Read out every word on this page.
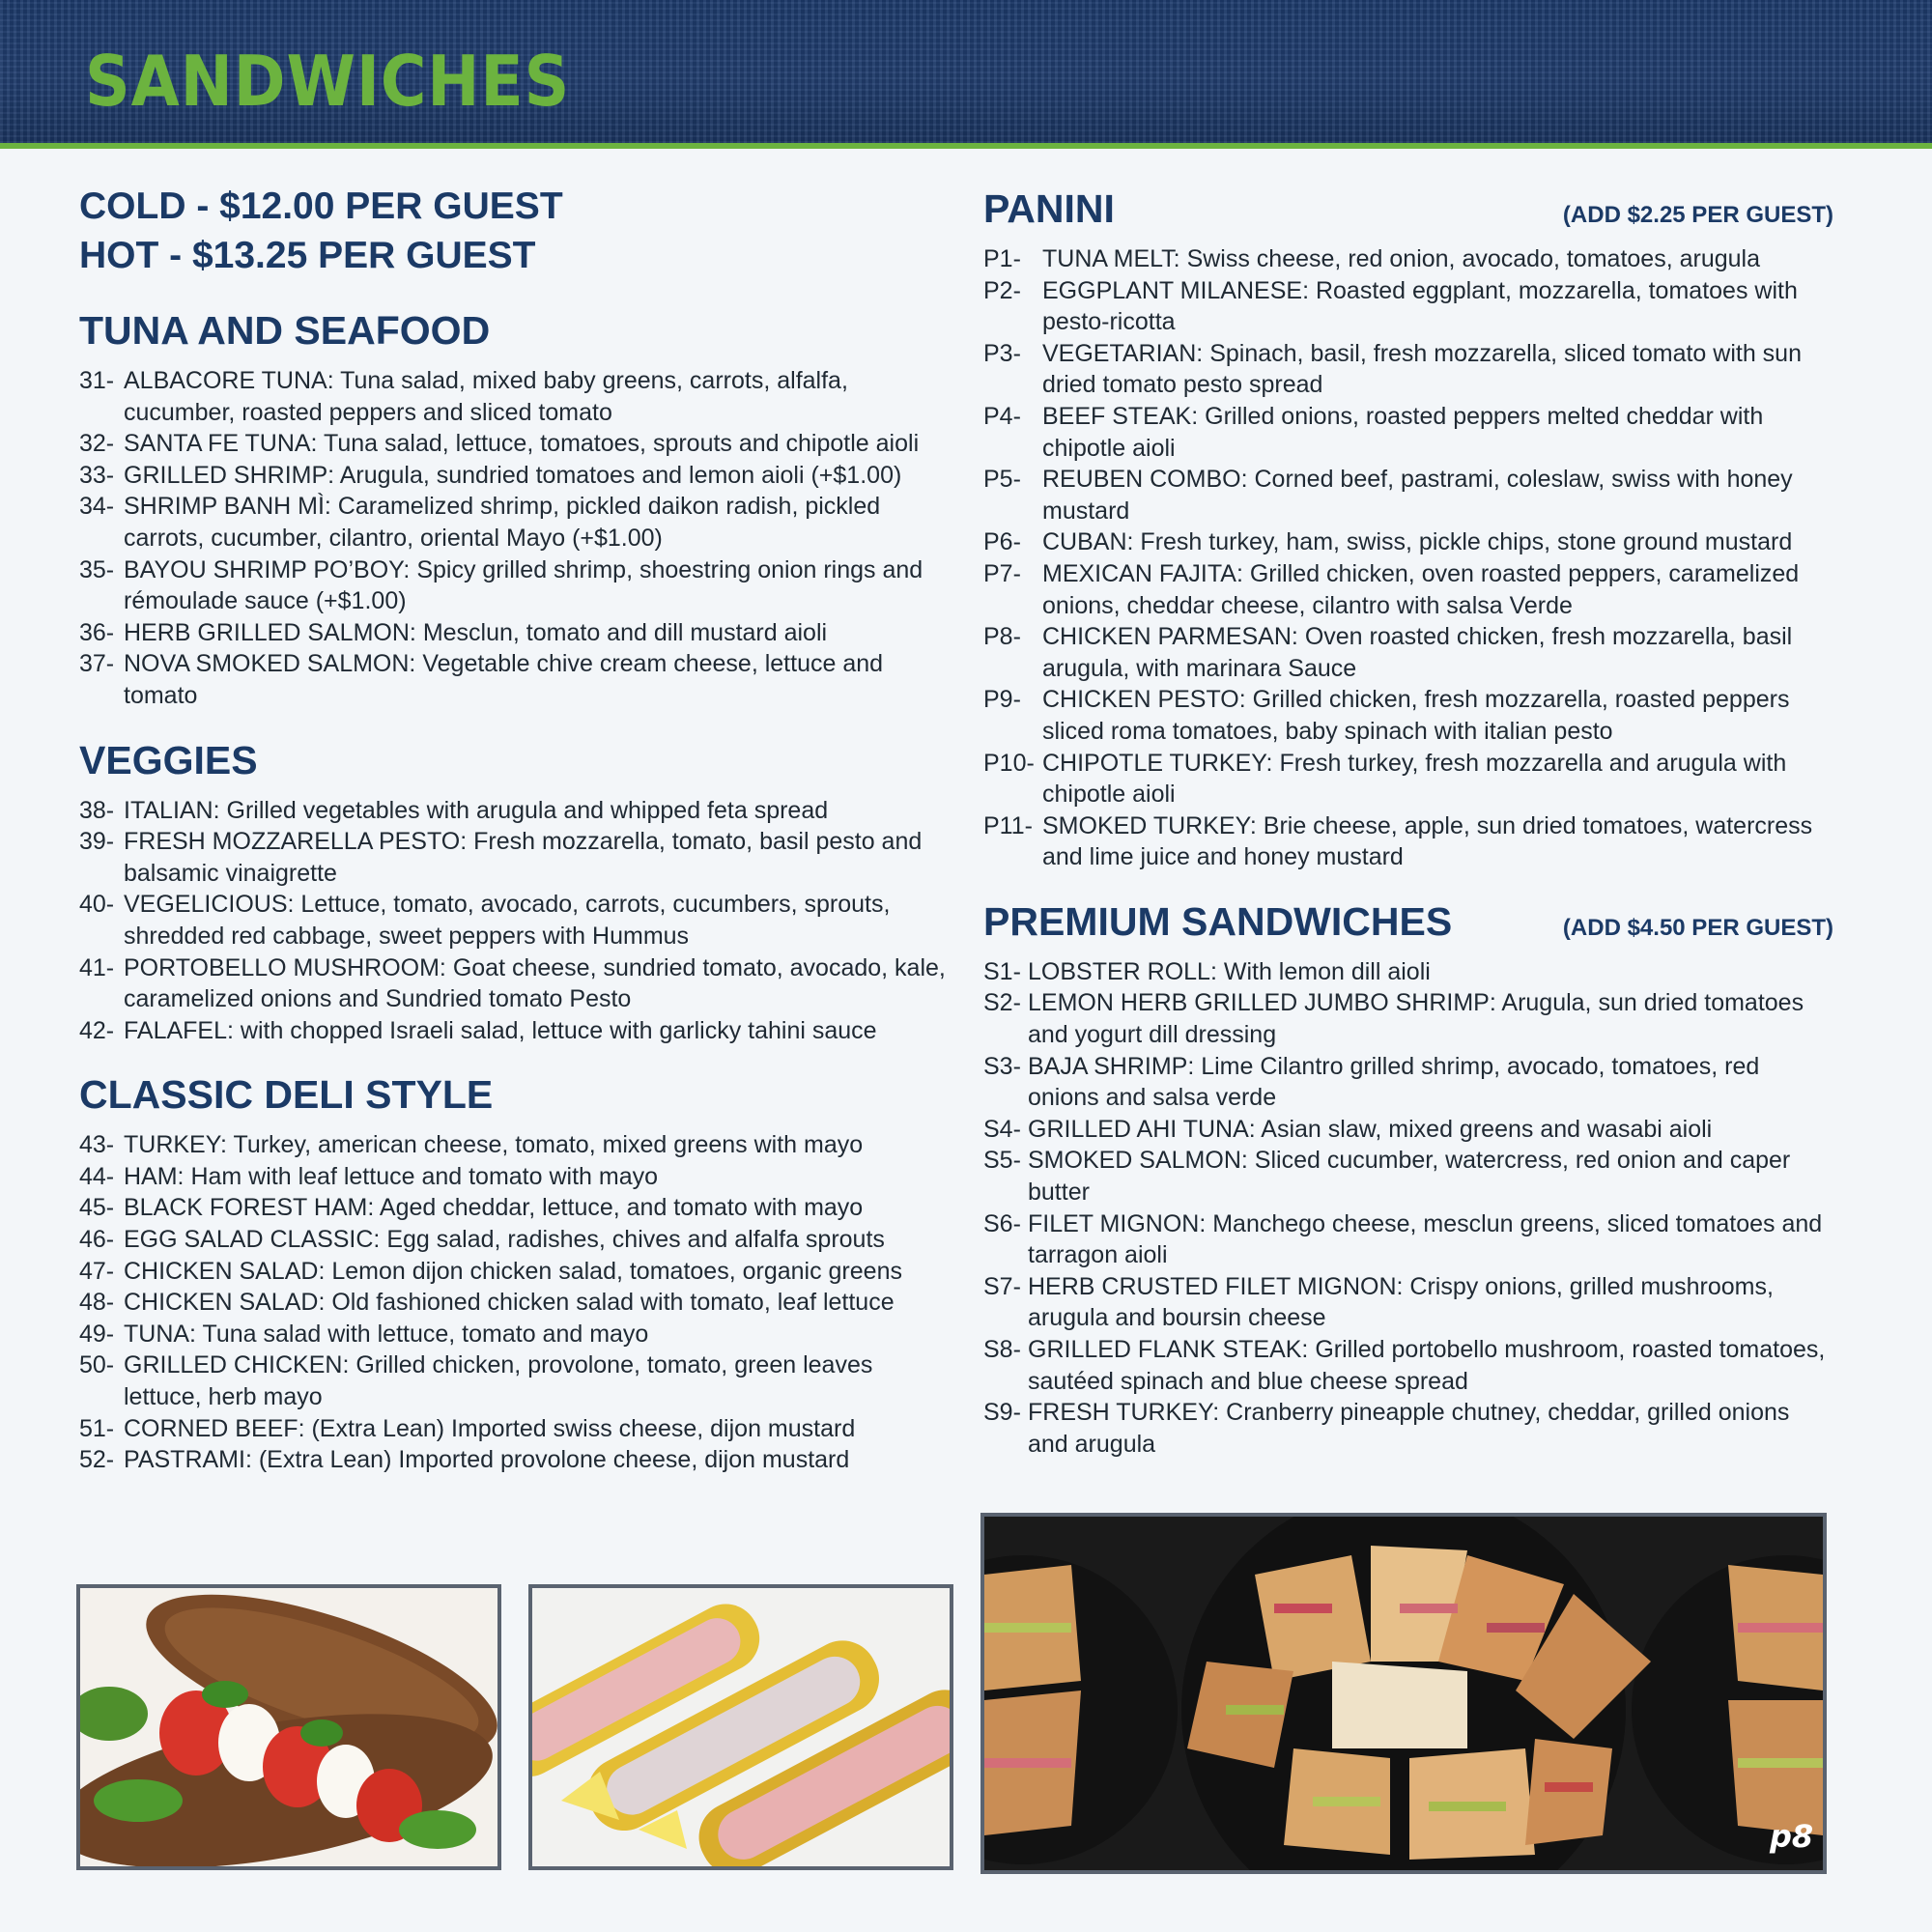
SANDWICHES
COLD - $12.00 PER GUEST
HOT - $13.25 PER GUEST
TUNA AND SEAFOOD
31- ALBACORE TUNA: Tuna salad, mixed baby greens, carrots, alfalfa, cucumber, roasted peppers and sliced tomato
32- SANTA FE TUNA: Tuna salad, lettuce, tomatoes, sprouts and chipotle aioli
33- GRILLED SHRIMP: Arugula, sundried tomatoes and lemon aioli (+$1.00)
34- SHRIMP BANH MÌ: Caramelized shrimp, pickled daikon radish, pickled carrots, cucumber, cilantro, oriental Mayo (+$1.00)
35- BAYOU SHRIMP PO’BOY: Spicy grilled shrimp, shoestring onion rings and rémoulade sauce (+$1.00)
36- HERB GRILLED SALMON: Mesclun, tomato and dill mustard aioli
37- NOVA SMOKED SALMON: Vegetable chive cream cheese, lettuce and tomato
VEGGIES
38- ITALIAN: Grilled vegetables with arugula and whipped feta spread
39- FRESH MOZZARELLA PESTO: Fresh mozzarella, tomato, basil pesto and balsamic vinaigrette
40- VEGELICIOUS: Lettuce, tomato, avocado, carrots, cucumbers, sprouts, shredded red cabbage, sweet peppers with Hummus
41- PORTOBELLO MUSHROOM: Goat cheese, sundried tomato, avocado, kale, caramelized onions and Sundried tomato Pesto
42- FALAFEL: with chopped Israeli salad, lettuce with garlicky tahini sauce
CLASSIC DELI STYLE
43- TURKEY: Turkey, american cheese, tomato, mixed greens with mayo
44- HAM: Ham with leaf lettuce and tomato with mayo
45- BLACK FOREST HAM: Aged cheddar, lettuce, and tomato with mayo
46- EGG SALAD CLASSIC: Egg salad, radishes, chives and alfalfa sprouts
47- CHICKEN SALAD: Lemon dijon chicken salad, tomatoes, organic greens
48- CHICKEN SALAD: Old fashioned chicken salad with tomato, leaf lettuce
49- TUNA: Tuna salad with lettuce, tomato and mayo
50- GRILLED CHICKEN: Grilled chicken, provolone, tomato, green leaves lettuce, herb mayo
51- CORNED BEEF: (Extra Lean) Imported swiss cheese, dijon mustard
52- PASTRAMI: (Extra Lean) Imported provolone cheese, dijon mustard
PANINI	(ADD $2.25 PER GUEST)
P1- TUNA MELT: Swiss cheese, red onion, avocado, tomatoes, arugula
P2- EGGPLANT MILANESE: Roasted eggplant, mozzarella, tomatoes with pesto-ricotta
P3- VEGETARIAN: Spinach, basil, fresh mozzarella, sliced tomato with sun dried tomato pesto spread
P4- BEEF STEAK: Grilled onions, roasted peppers melted cheddar with chipotle aioli
P5- REUBEN COMBO: Corned beef, pastrami, coleslaw, swiss with honey mustard
P6- CUBAN: Fresh turkey, ham, swiss, pickle chips, stone ground mustard
P7- MEXICAN FAJITA: Grilled chicken, oven roasted peppers, caramelized onions, cheddar cheese, cilantro with salsa Verde
P8- CHICKEN PARMESAN: Oven roasted chicken, fresh mozzarella, basil arugula, with marinara Sauce
P9- CHICKEN PESTO: Grilled chicken, fresh mozzarella, roasted peppers sliced roma tomatoes, baby spinach with italian pesto
P10- CHIPOTLE TURKEY: Fresh turkey, fresh mozzarella and arugula with chipotle aioli
P11- SMOKED TURKEY: Brie cheese, apple, sun dried tomatoes, watercress and lime juice and honey mustard
PREMIUM SANDWICHES	(ADD $4.50 PER GUEST)
S1- LOBSTER ROLL: With lemon dill aioli
S2- LEMON HERB GRILLED JUMBO SHRIMP: Arugula, sun dried tomatoes and yogurt dill dressing
S3- BAJA SHRIMP: Lime Cilantro grilled shrimp, avocado, tomatoes, red onions and salsa verde
S4- GRILLED AHI TUNA: Asian slaw, mixed greens and wasabi aioli
S5- SMOKED SALMON: Sliced cucumber, watercress, red onion and caper butter
S6- FILET MIGNON: Manchego cheese, mesclun greens, sliced tomatoes and tarragon aioli
S7- HERB CRUSTED FILET MIGNON: Crispy onions, grilled mushrooms, arugula and boursin cheese
S8- GRILLED FLANK STEAK: Grilled portobello mushroom, roasted tomatoes, sautéed spinach and blue cheese spread
S9- FRESH TURKEY: Cranberry pineapple chutney, cheddar, grilled onions and arugula
p8
